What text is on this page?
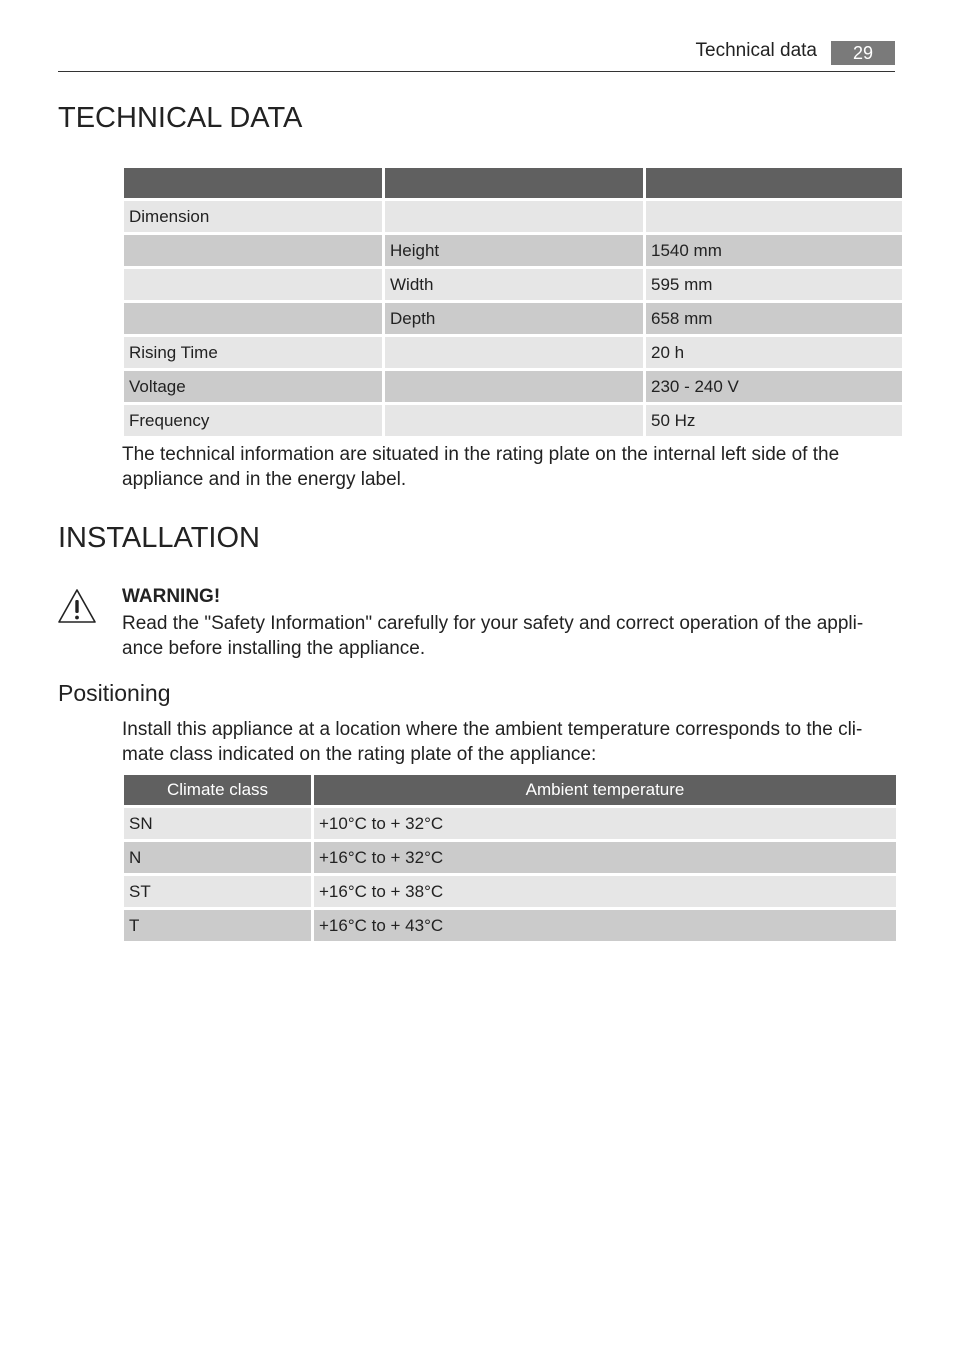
Technical data	29
TECHNICAL DATA

Dimension		
	Height	1540 mm
	Width	595 mm
	Depth	658 mm
Rising Time		20 h
Voltage		230 - 240 V
Frequency		50 Hz

The technical information are situated in the rating plate on the internal left side of the
appliance and in the energy label.

INSTALLATION

WARNING!

Read the "Safety Information" carefully for your safety and correct operation of the appli-
ance before installing the appliance.

Positioning

Install this appliance at a location where the ambient temperature corresponds to the cli-
mate class indicated on the rating plate of the appliance:

Climate class	Ambient temperature
SN	+10°C to + 32°C
N	+16°C to + 32°C
ST	+16°C to + 38°C
T	+16°C to + 43°C
